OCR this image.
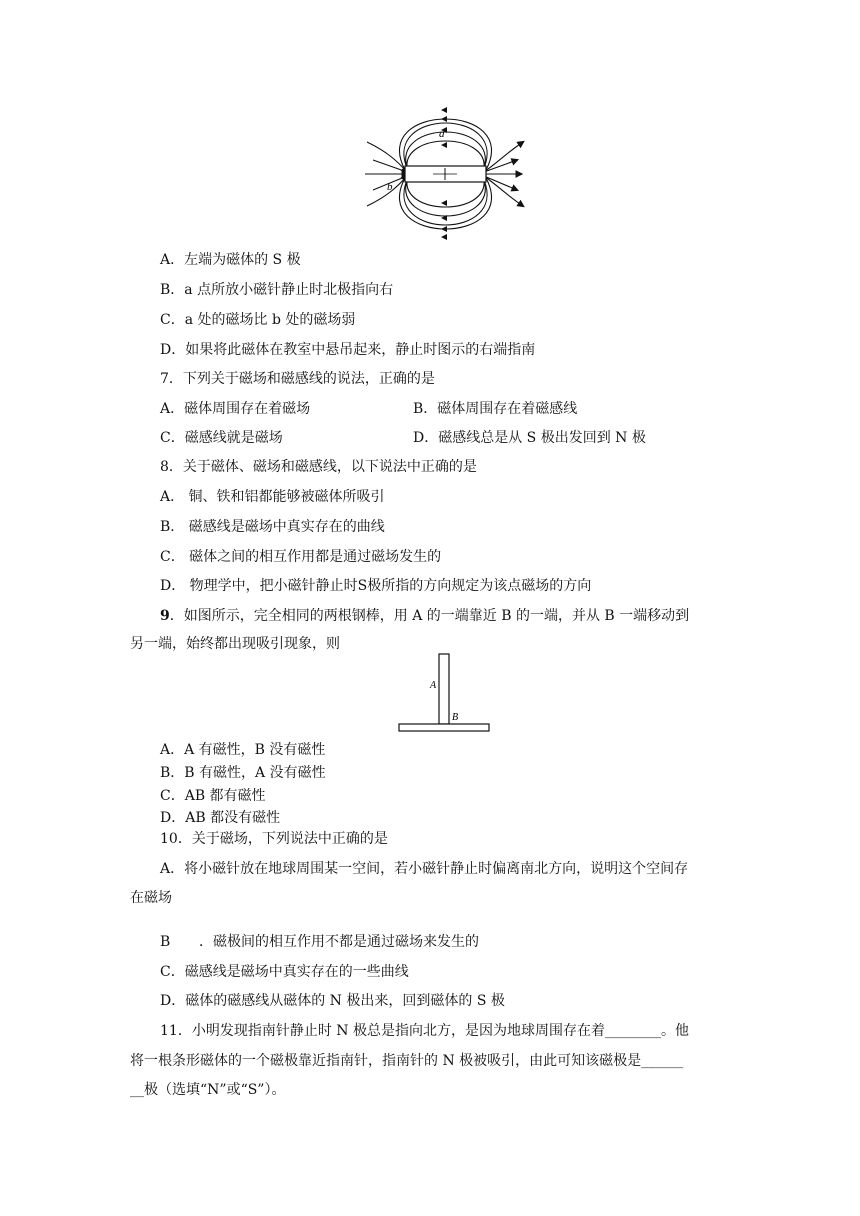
a
b
A．左端为磁体的 S 极
B．a 点所放小磁针静止时北极指向右
C．a 处的磁场比 b 处的磁场弱
D．如果将此磁体在教室中悬吊起来，静止时图示的右端指南
7．下列关于磁场和磁感线的说法，正确的是
A．磁体周围存在着磁场	B．磁体周围存在着磁感线
C．磁感线就是磁场	D．磁感线总是从 S 极出发回到 N 极
8．关于磁体、磁场和磁感线，以下说法中正确的是
A． 铜、铁和铝都能够被磁体所吸引
B． 磁感线是磁场中真实存在的曲线
C． 磁体之间的相互作用都是通过磁场发生的
D． 物理学中，把小磁针静止时S极所指的方向规定为该点磁场的方向
9．如图所示，完全相同的两根钢棒，用 A 的一端靠近 B 的一端，并从 B 一端移动到
另一端，始终都出现吸引现象，则
A
B
A．A 有磁性，B 没有磁性
B．B 有磁性，A 没有磁性
C．AB 都有磁性
D．AB 都没有磁性
10．关于磁场，下列说法中正确的是
A．将小磁针放在地球周围某一空间，若小磁针静止时偏离南北方向，说明这个空间存
在磁场
B ．磁极间的相互作用不都是通过磁场来发生的
C．磁感线是磁场中真实存在的一些曲线
D．磁体的磁感线从磁体的 N 极出来，回到磁体的 S 极
11．小明发现指南针静止时 N 极总是指向北方，是因为地球周围存在着________。他
将一根条形磁体的一个磁极靠近指南针，指南针的 N 极被吸引，由此可知该磁极是______
__极（选填“N”或“S”）。
